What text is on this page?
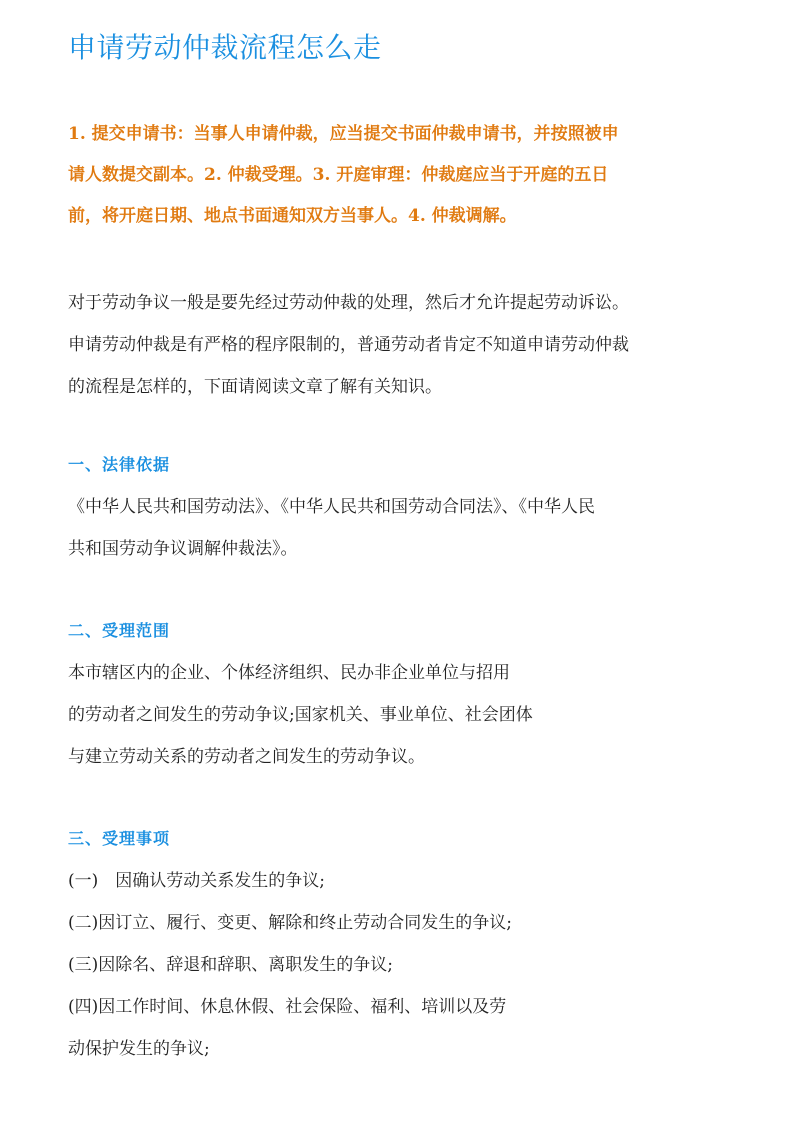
申请劳动仲裁流程怎么走
1. 提交申请书：当事人申请仲裁，应当提交书面仲裁申请书，并按照被申
请人数提交副本。2. 仲裁受理。3. 开庭审理：仲裁庭应当于开庭的五日
前，将开庭日期、地点书面通知双方当事人。4. 仲裁调解。
对于劳动争议一般是要先经过劳动仲裁的处理，然后才允许提起劳动诉讼。
申请劳动仲裁是有严格的程序限制的，普通劳动者肯定不知道申请劳动仲裁
的流程是怎样的，下面请阅读文章了解有关知识。
一、法律依据
《中华人民共和国劳动法》、《中华人民共和国劳动合同法》、《中华人民
共和国劳动争议调解仲裁法》。
二、受理范围
本市辖区内的企业、个体经济组织、民办非企业单位与招用
的劳动者之间发生的劳动争议;国家机关、事业单位、社会团体
与建立劳动关系的劳动者之间发生的劳动争议。
三、受理事项
(一)　因确认劳动关系发生的争议;
(二)因订立、履行、变更、解除和终止劳动合同发生的争议;
(三)因除名、辞退和辞职、离职发生的争议;
(四)因工作时间、休息休假、社会保险、福利、培训以及劳
动保护发生的争议;
